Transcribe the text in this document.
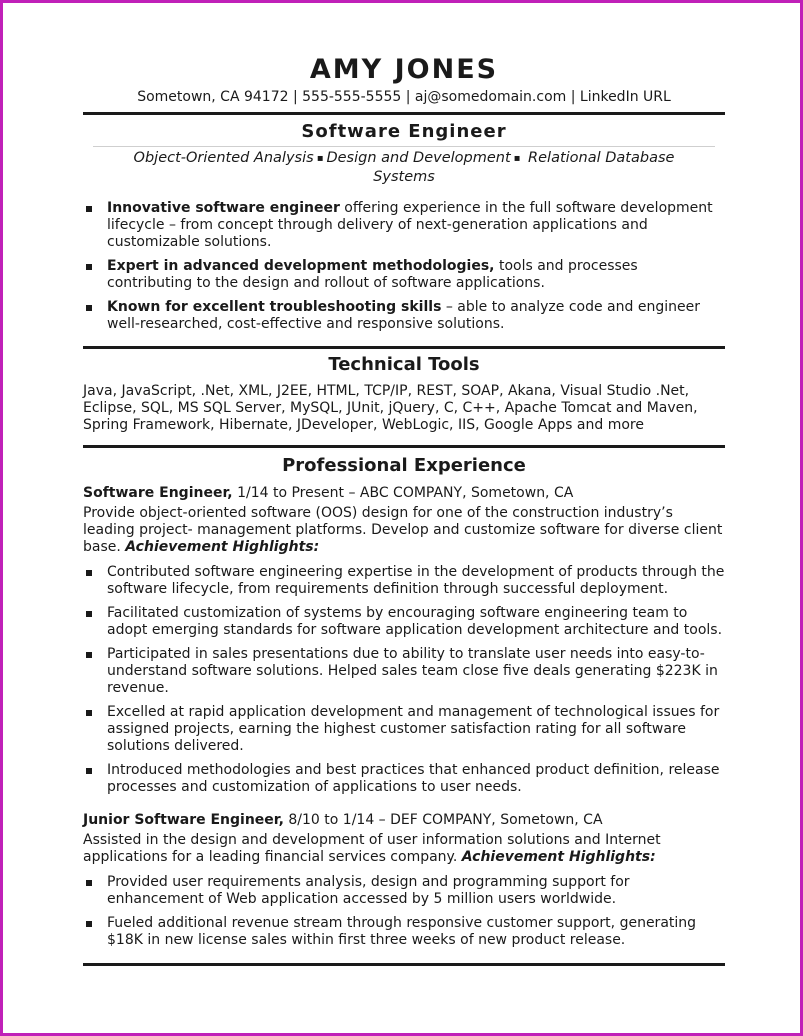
AMY JONES
Sometown, CA 94172 | 555-555-5555 | aj@somedomain.com | LinkedIn URL
Software Engineer
Object-Oriented Analysis ▪ Design and Development ▪ Relational Database Systems
Innovative software engineer offering experience in the full software development lifecycle – from concept through delivery of next-generation applications and customizable solutions.
Expert in advanced development methodologies, tools and processes contributing to the design and rollout of software applications.
Known for excellent troubleshooting skills – able to analyze code and engineer well-researched, cost-effective and responsive solutions.
Technical Tools
Java, JavaScript, .Net, XML, J2EE, HTML, TCP/IP, REST, SOAP, Akana, Visual Studio .Net, Eclipse, SQL, MS SQL Server, MySQL, JUnit, jQuery, C, C++, Apache Tomcat and Maven, Spring Framework, Hibernate, JDeveloper, WebLogic, IIS, Google Apps and more
Professional Experience
Software Engineer, 1/14 to Present – ABC COMPANY, Sometown, CA
Provide object-oriented software (OOS) design for one of the construction industry’s leading project- management platforms. Develop and customize software for diverse client base. Achievement Highlights:
Contributed software engineering expertise in the development of products through the software lifecycle, from requirements definition through successful deployment.
Facilitated customization of systems by encouraging software engineering team to adopt emerging standards for software application development architecture and tools.
Participated in sales presentations due to ability to translate user needs into easy-to-understand software solutions. Helped sales team close five deals generating $223K in revenue.
Excelled at rapid application development and management of technological issues for assigned projects, earning the highest customer satisfaction rating for all software solutions delivered.
Introduced methodologies and best practices that enhanced product definition, release processes and customization of applications to user needs.
Junior Software Engineer, 8/10 to 1/14 – DEF COMPANY, Sometown, CA
Assisted in the design and development of user information solutions and Internet applications for a leading financial services company. Achievement Highlights:
Provided user requirements analysis, design and programming support for enhancement of Web application accessed by 5 million users worldwide.
Fueled additional revenue stream through responsive customer support, generating $18K in new license sales within first three weeks of new product release.
